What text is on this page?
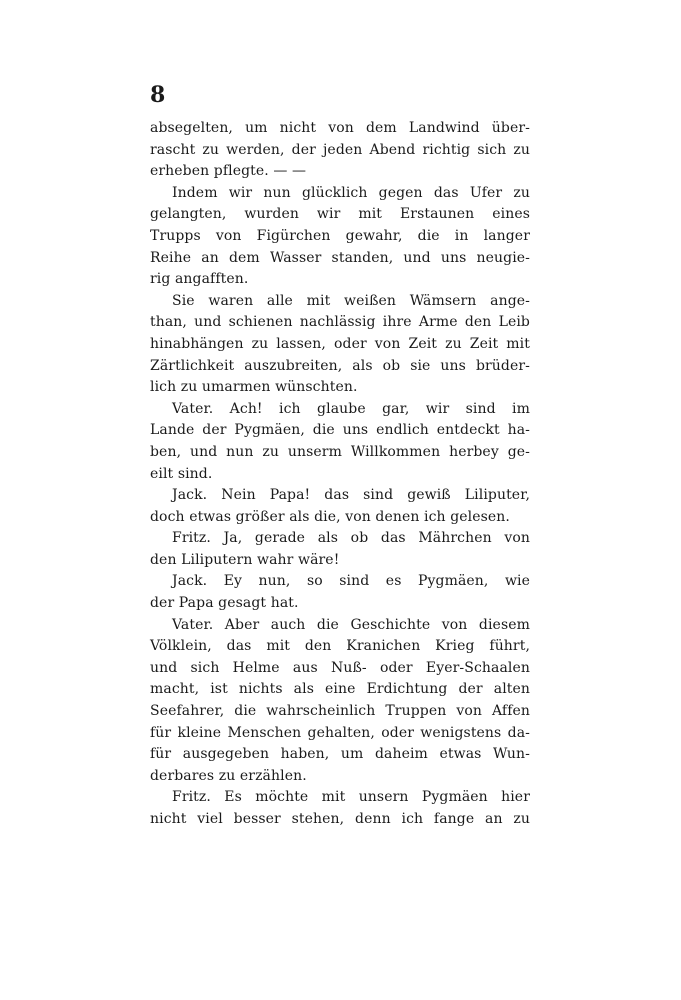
8
absegelten, um nicht von dem Landwind über-
rascht zu werden, der jeden Abend richtig sich zu
erheben pflegte. — —
Indem wir nun glücklich gegen das Ufer zu
gelangten, wurden wir mit Erstaunen eines
Trupps von Figürchen gewahr, die in langer
Reihe an dem Wasser standen, und uns neugie-
rig angafften.
Sie waren alle mit weißen Wämsern ange-
than, und schienen nachlässig ihre Arme den Leib
hinabhängen zu lassen, oder von Zeit zu Zeit mit
Zärtlichkeit auszubreiten, als ob sie uns brüder-
lich zu umarmen wünschten.
Vater. Ach! ich glaube gar, wir sind im
Lande der Pygmäen, die uns endlich entdeckt ha-
ben, und nun zu unserm Willkommen herbey ge-
eilt sind.
Jack. Nein Papa! das sind gewiß Liliputer,
doch etwas größer als die, von denen ich gelesen.
Fritz. Ja, gerade als ob das Mährchen von
den Liliputern wahr wäre!
Jack. Ey nun, so sind es Pygmäen, wie
der Papa gesagt hat.
Vater. Aber auch die Geschichte von diesem
Völklein, das mit den Kranichen Krieg führt,
und sich Helme aus Nuß- oder Eyer-Schaalen
macht, ist nichts als eine Erdichtung der alten
Seefahrer, die wahrscheinlich Truppen von Affen
für kleine Menschen gehalten, oder wenigstens da-
für ausgegeben haben, um daheim etwas Wun-
derbares zu erzählen.
Fritz. Es möchte mit unsern Pygmäen hier
nicht viel besser stehen, denn ich fange an zu
